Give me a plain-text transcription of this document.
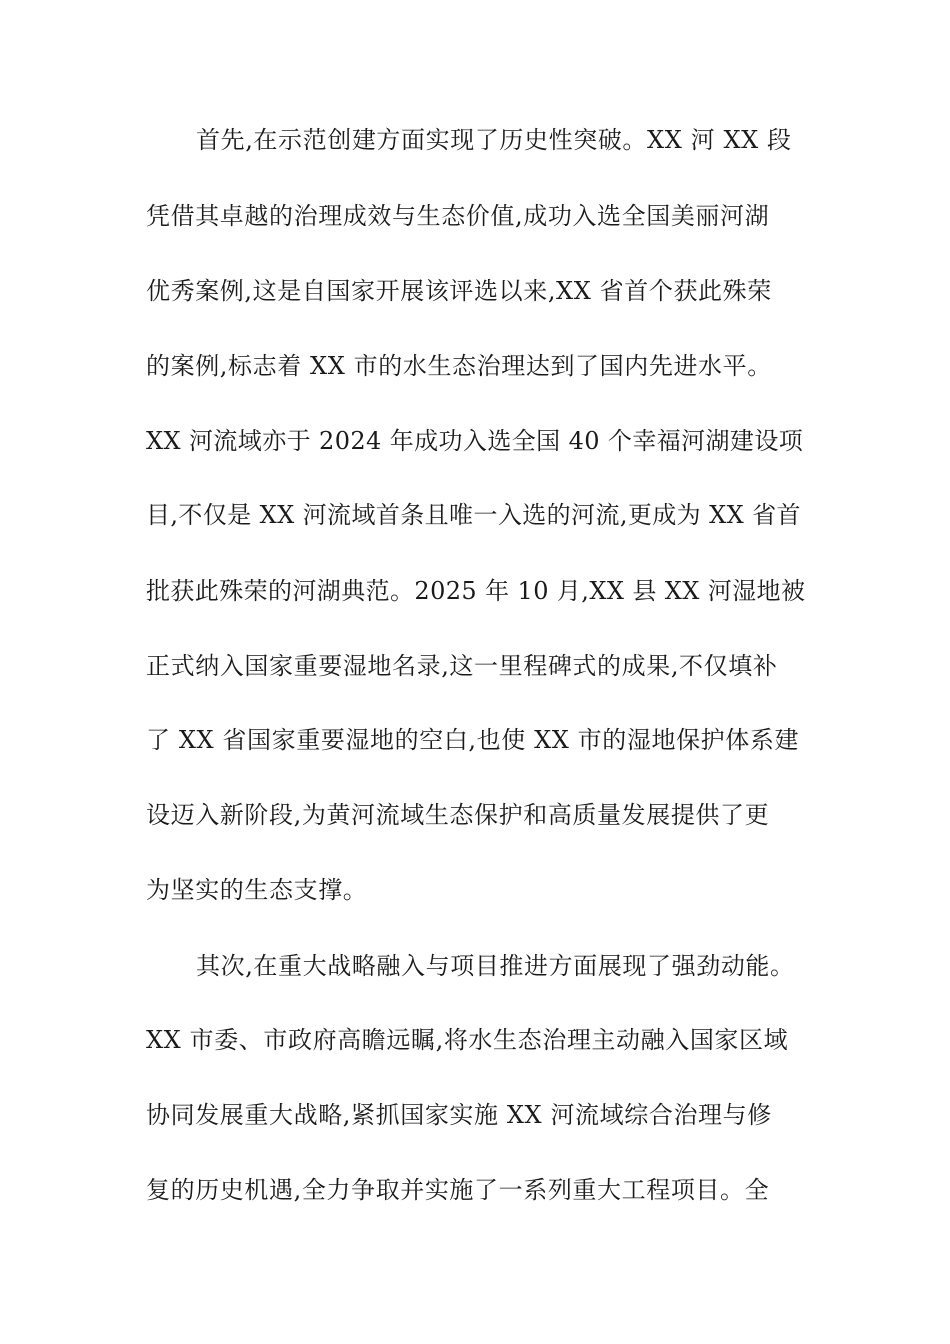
首先,在示范创建方面实现了历史性突破。XX 河 XX 段
凭借其卓越的治理成效与生态价值,成功入选全国美丽河湖
优秀案例,这是自国家开展该评选以来,XX 省首个获此殊荣
的案例,标志着 XX 市的水生态治理达到了国内先进水平。
XX 河流域亦于 2024 年成功入选全国 40 个幸福河湖建设项
目,不仅是 XX 河流域首条且唯一入选的河流,更成为 XX 省首
批获此殊荣的河湖典范。2025 年 10 月,XX 县 XX 河湿地被
正式纳入国家重要湿地名录,这一里程碑式的成果,不仅填补
了 XX 省国家重要湿地的空白,也使 XX 市的湿地保护体系建
设迈入新阶段,为黄河流域生态保护和高质量发展提供了更
为坚实的生态支撑。
其次,在重大战略融入与项目推进方面展现了强劲动能。
XX 市委、市政府高瞻远瞩,将水生态治理主动融入国家区域
协同发展重大战略,紧抓国家实施 XX 河流域综合治理与修
复的历史机遇,全力争取并实施了一系列重大工程项目。全
